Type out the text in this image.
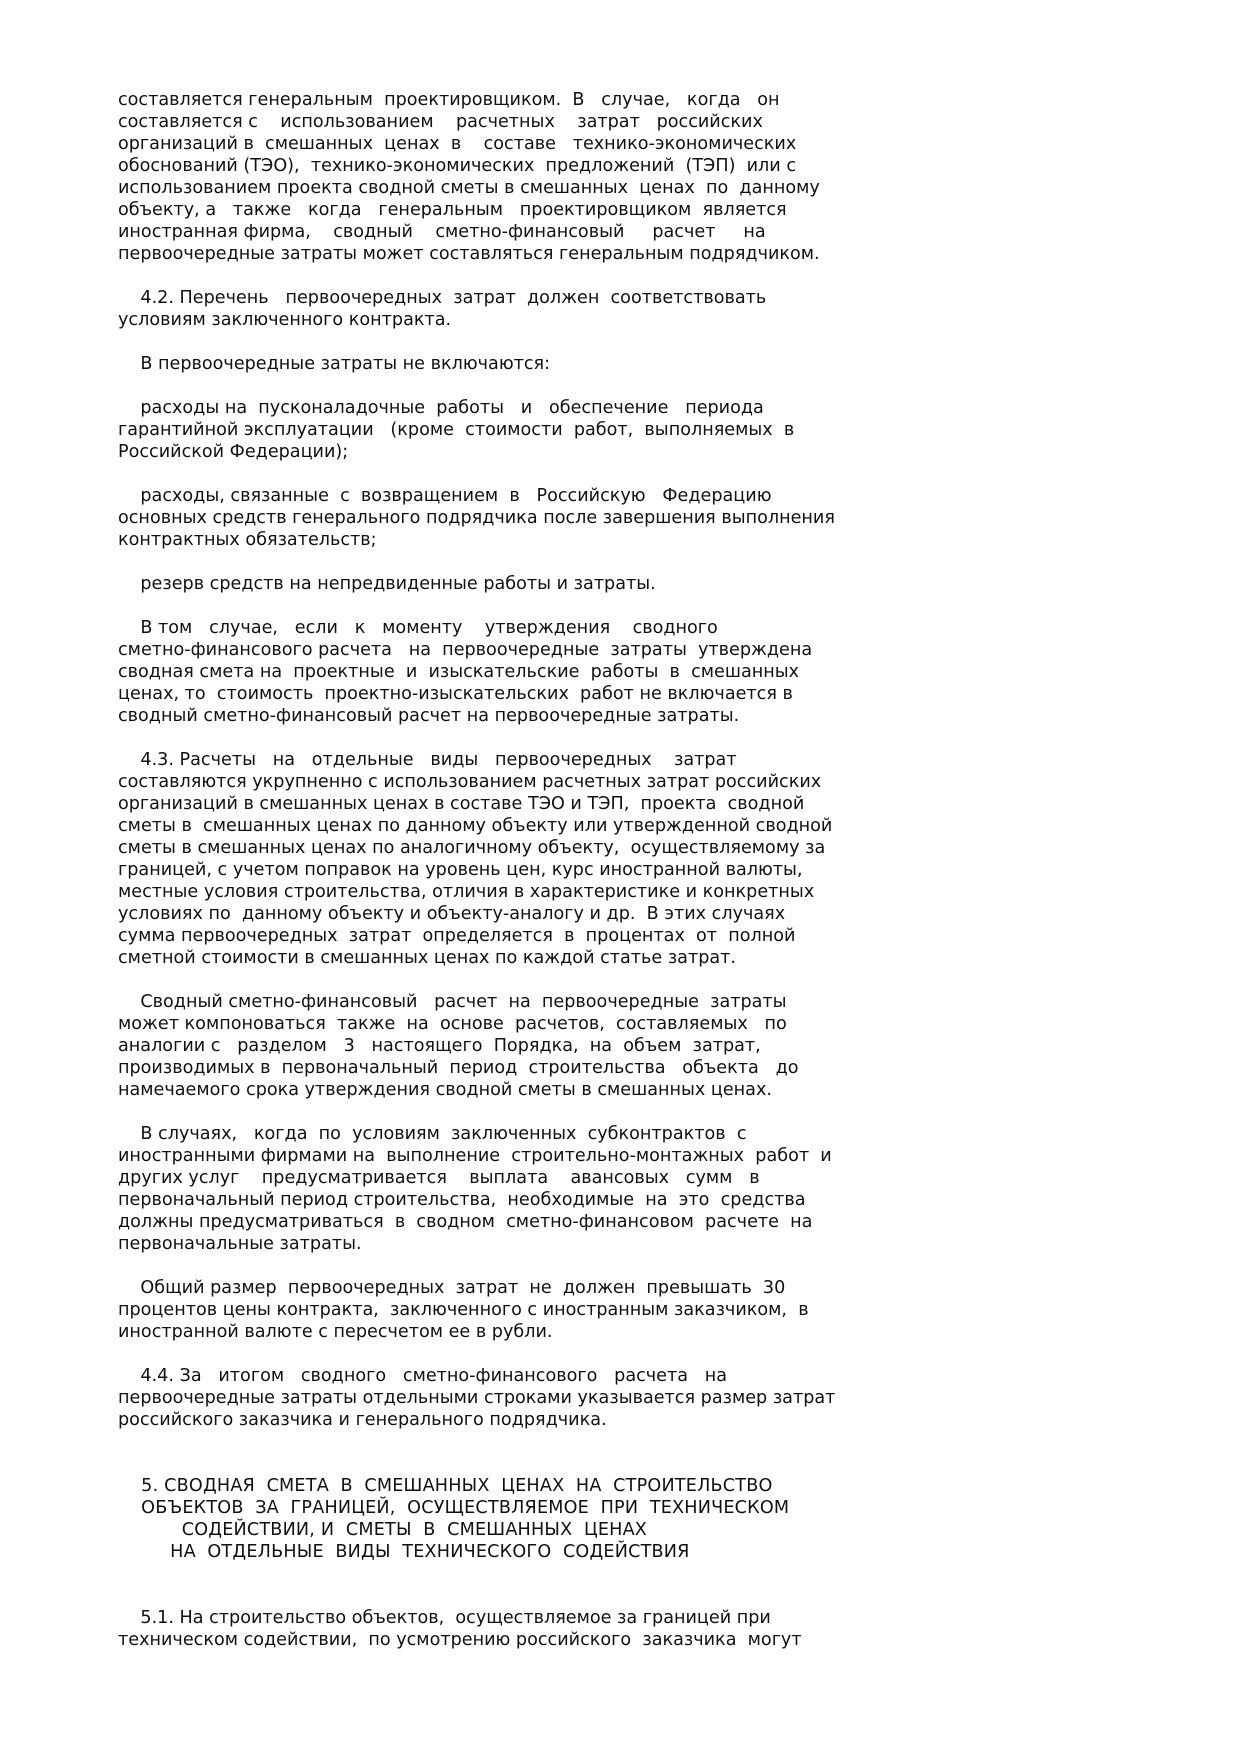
составляется генеральным  проектировщиком.  В   случае,   когда   он
составляется с    использованием    расчетных    затрат   российских
организаций в  смешанных  ценах  в    составе   технико-экономических
обоснований (ТЭО),  технико-экономических  предложений  (ТЭП)  или с
использованием проекта сводной сметы в смешанных  ценах  по  данному
объекту, а   также   когда   генеральным   проектировщиком  является
иностранная фирма,    сводный    сметно-финансовый     расчет     на
первоочередные затраты может составляться генеральным подрядчиком.
4.2. Перечень   первоочередных  затрат  должен  соответствовать
условиям заключенного контракта.
В первоочередные затраты не включаются:
расходы на  пусконаладочные  работы   и   обеспечение   периода
гарантийной эксплуатации   (кроме  стоимости  работ,  выполняемых  в
Российской Федерации);
расходы, связанные  с  возвращением  в   Российскую   Федерацию
основных средств генерального подрядчика после завершения выполнения
контрактных обязательств;
резерв средств на непредвиденные работы и затраты.
В том   случае,   если   к   моменту    утверждения    сводного
сметно-финансового расчета   на  первоочередные  затраты  утверждена
сводная смета на  проектные  и  изыскательские  работы  в  смешанных
ценах, то  стоимость  проектно-изыскательских  работ не включается в
сводный сметно-финансовый расчет на первоочередные затраты.
4.3. Расчеты   на   отдельные   виды   первоочередных    затрат
составляются укрупненно с использованием расчетных затрат российских
организаций в смешанных ценах в составе ТЭО и ТЭП,  проекта  сводной
сметы в  смешанных ценах по данному объекту или утвержденной сводной
сметы в смешанных ценах по аналогичному объекту,  осуществляемому за
границей, с учетом поправок на уровень цен, курс иностранной валюты,
местные условия строительства, отличия в характеристике и конкретных
условиях по  данному объекту и объекту-аналогу и др.  В этих случаях
сумма первоочередных  затрат  определяется  в  процентах  от  полной
сметной стоимости в смешанных ценах по каждой статье затрат.
Сводный сметно-финансовый   расчет  на  первоочередные  затраты
может компоноваться  также  на  основе  расчетов,  составляемых   по
аналогии с   разделом   3   настоящего  Порядка,  на  объем  затрат,
производимых в  первоначальный  период  строительства   объекта   до
намечаемого срока утверждения сводной сметы в смешанных ценах.
В случаях,   когда  по  условиям  заключенных  субконтрактов  с
иностранными фирмами на  выполнение  строительно-монтажных  работ  и
других услуг    предусматривается    выплата    авансовых   сумм   в
первоначальный период строительства,  необходимые  на  это  средства
должны предусматриваться  в  сводном  сметно-финансовом  расчете  на
первоначальные затраты.
Общий размер  первоочередных  затрат  не  должен  превышать  30
процентов цены контракта,  заключенного с иностранным заказчиком,  в
иностранной валюте с пересчетом ее в рубли.
4.4. За   итогом   сводного   сметно-финансового   расчета   на
первоочередные затраты отдельными строками указывается размер затрат
российского заказчика и генерального подрядчика.
5. СВОДНАЯ  СМЕТА  В  СМЕШАННЫХ  ЦЕНАХ  НА  СТРОИТЕЛЬСТВО
ОБЪЕКТОВ  ЗА  ГРАНИЦЕЙ,  ОСУЩЕСТВЛЯЕМОЕ  ПРИ  ТЕХНИЧЕСКОМ
СОДЕЙСТВИИ, И  СМЕТЫ  В  СМЕШАННЫХ  ЦЕНАХ
НА  ОТДЕЛЬНЫЕ  ВИДЫ  ТЕХНИЧЕСКОГО  СОДЕЙСТВИЯ
5.1. На строительство объектов,  осуществляемое за границей при
техническом содействии,  по усмотрению российского  заказчика  могут
